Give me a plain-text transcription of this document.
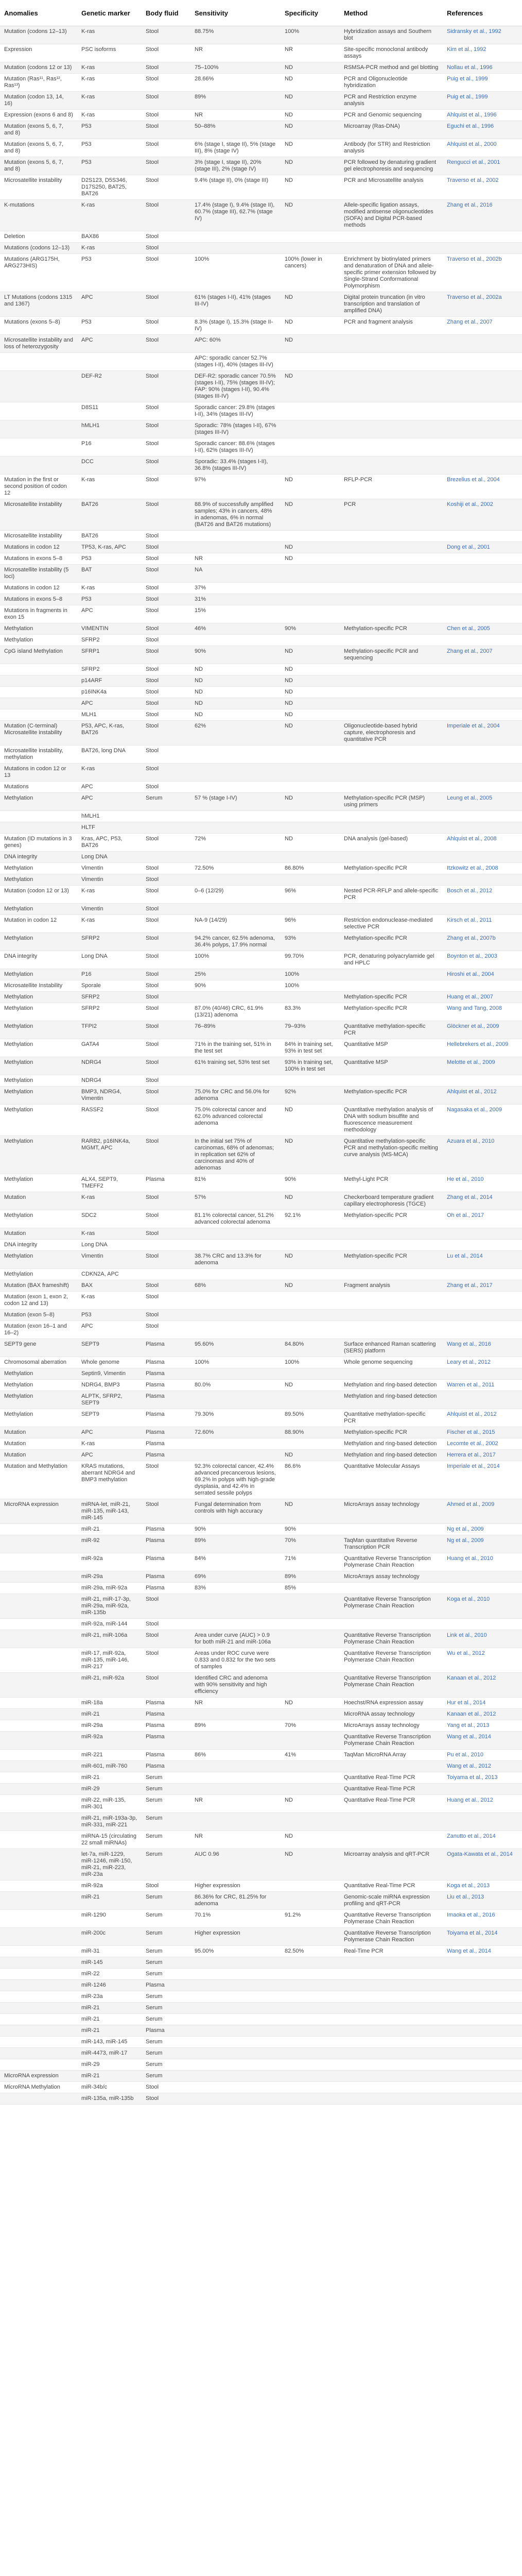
Anomalies	Genetic marker	Body fluid	Sensitivity	Specificity	Method	References
Mutation (codons 12–13)	K-ras	Stool	88.75%	100%	Hybridization assays and Southern blot	Sidransky et al., 1992
Expression	PSC isoforms	Stool	NR	NR	Site-specific monoclonal antibody assays	Kim et al., 1992
Mutation (codons 12 or 13)	K-ras	Stool	75–100%	ND	RSMSA-PCR method and gel blotting	Nollau et al., 1996
Mutation (Ras¹¹, Ras¹², Ras¹³)	K-ras	Stool	28.66%	ND	PCR and Oligonucleotide hybridization	Puig et al., 1999
Mutation (codon 13, 14, 16)	K-ras	Stool	89%	ND	PCR and Restriction enzyme analysis	Puig et al., 1999
Expression (exons 6 and 8)	K-ras	Stool	NR	ND	PCR and Genomic sequencing	Ahlquist et al., 1996
Mutation (exons 5, 6, 7, and 8)	P53	Stool	50–88%	ND	Microarray (Ras-DNA)	Eguchi et al., 1996
Mutation (exons 5, 6, 7, and 8)	P53	Stool	6% (stage I, stage II), 5% (stage III), 8% (stage IV)	ND	Antibody (for STR) and Restriction analysis	Ahlquist et al., 2000
Mutation (exons 5, 6, 7, and 8)	P53	Stool	3% (stage I, stage II), 20% (stage III), 2% (stage IV)	ND	PCR followed by denaturing gradient gel electrophoresis and sequencing	Rengucci et al., 2001
Microsatellite instability	D2S123, D5S346, D17S250, BAT25, BAT26	Stool	9.4% (stage II), 0% (stage III)	ND	PCR and Microsatellite analysis	Traverso et al., 2002
K-mutations	K-ras	Stool	17.4% (stage I), 9.4% (stage II), 60.7% (stage III), 62.7% (stage IV)	ND	Allele-specific ligation assays, modified antisense oligonucleotides (SOFA) and Digital PCR-based methods	Zhang et al., 2016
Deletion	BAX86	Stool				
Mutations (codons 12–13)	K-ras	Stool				
Mutations (ARG175H, ARG273HIS)	P53	Stool	100%	100% (lower in cancers)	Enrichment by biotinylated primers and denaturation of DNA and allele-specific primer extension followed by Single-Strand Conformational Polymorphism	Traverso et al., 2002b
LT Mutations (codons 1315 and 1367)	APC	Stool	61% (stages I-II), 41% (stages III-IV)	ND	Digital protein truncation (in vitro transcription and translation of amplified DNA)	Traverso et al., 2002a
Mutations (exons 5–8)	P53	Stool	8.3% (stage I), 15.3% (stage II-IV)	ND	PCR and fragment analysis	Zhang et al., 2007
Microsatellite instability and loss of heterozygosity	APC	Stool	APC: 60%	ND		
			APC: sporadic cancer 52.7% (stages I-II), 40% (stages III-IV)			
	DEF-R2	Stool	DEF-R2: sporadic cancer 70.5% (stages I-II), 75% (stages III-IV); FAP: 90% (stages I-II), 90.4% (stages III-IV)	ND		
	D8S11	Stool	Sporadic cancer: 29.8% (stages I-II), 34% (stages III-IV)			
	hMLH1	Stool	Sporadic: 78% (stages I-II), 67% (stages III-IV)			
	P16	Stool	Sporadic cancer: 88.6% (stages I-II), 62% (stages III-IV)			
	DCC	Stool	Sporadic: 33.4% (stages I-II), 36.8% (stages III-IV)			
Mutation in the first or second position of codon 12	K-ras	Stool	97%	ND	RFLP-PCR	Brezelius et al., 2004
Microsatellite instability	BAT26	Stool	88.9% of successfully amplified samples; 43% in cancers, 48% in adenomas, 6% in normal (BAT26 and BAT26 mutations)	ND	PCR	Koshiji et al., 2002
Microsatellite instability	BAT26	Stool				
Mutations in codon 12	TP53, K-ras, APC	Stool		ND		Dong et al., 2001
Mutations in exons 5–8	P53	Stool	NR	ND		
Microsatellite instability (5 loci)	BAT	Stool	NA			
Mutations in codon 12	K-ras	Stool	37%			
Mutations in exons 5–8	P53	Stool	31%			
Mutations in fragments in exon 15	APC	Stool	15%			
Methylation	VIMENTIN	Stool	46%	90%	Methylation-specific PCR	Chen et al., 2005
Methylation	SFRP2	Stool				
CpG island Methylation	SFRP1	Stool	90%	ND	Methylation-specific PCR and sequencing	Zhang et al., 2007
	SFRP2	Stool	ND	ND		
	p14ARF	Stool	ND	ND		
	p16INK4a	Stool	ND	ND		
	APC	Stool	ND	ND		
	MLH1	Stool	ND	ND		
Mutation (C-terminal) Microsatellite instability	P53, APC, K-ras, BAT26	Stool	62%	ND	Oligonucleotide-based hybrid capture, electrophoresis and quantitative PCR	Imperiale et al., 2004
Microsatellite instability, methylation	BAT26, long DNA	Stool				
Mutations in codon 12 or 13	K-ras	Stool				
Mutations	APC	Stool				
Methylation	APC	Serum	57 % (stage I-IV)	ND	Methylation-specific PCR (MSP) using primers	Leung et al., 2005
	hMLH1					
	HLTF					
Mutation (ID mutations in 3 genes)	Kras, APC, P53, BAT26	Stool	72%	ND	DNA analysis (gel-based)	Ahlquist et al., 2008
DNA integrity	Long DNA					
Methylation	Vimentin	Stool	72.50%	86.80%	Methylation-specific PCR	Itzkowitz et al., 2008
Methylation	Vimentin	Stool				
Mutation (codon 12 or 13)	K-ras	Stool	0–6 (12/29)	96%	Nested PCR-RFLP and allele-specific PCR	Bosch et al., 2012
Methylation	Vimentin	Stool				
Mutation in codon 12	K-ras	Stool	NA-9 (14/29)	96%	Restriction endonuclease-mediated selective PCR	Kirsch et al., 2011
Methylation	SFRP2	Stool	94.2% cancer, 62.5% adenoma, 36.4% polyps, 17.9% normal	93%	Methylation-specific PCR	Zhang et al., 2007b
DNA integrity	Long DNA	Stool	100%	99.70%	PCR, denaturing polyacrylamide gel and HPLC	Boynton et al., 2003
Methylation	P16	Stool	25%	100%		Hiroshi et al., 2004
Microsatellite Instability	Sporale	Stool	90%	100%		
Methylation	SFRP2	Stool			Methylation-specific PCR	Huang et al., 2007
Methylation	SFRP2	Stool	87.0% (40/46) CRC, 61.9% (13/21) adenoma	83.3%	Methylation-specific PCR	Wang and Tang, 2008
Methylation	TFPI2	Stool	76–89%	79–93%	Quantitative methylation-specific PCR	Glöckner et al., 2009
Methylation	GATA4	Stool	71% in the training set, 51% in the test set	84% in training set, 93% in test set	Quantitative MSP	Hellebrekers et al., 2009
Methylation	NDRG4	Stool	61% training set, 53% test set	93% in training set, 100% in test set	Quantitative MSP	Melotte et al., 2009
Methylation	NDRG4	Stool				
Methylation	BMP3, NDRG4, Vimentin	Stool	75.0% for CRC and 56.0% for adenoma	92%	Methylation-specific PCR	Ahlquist et al., 2012
Methylation	RASSF2	Stool	75.0% colorectal cancer and 62.0% advanced colorectal adenoma	ND	Quantitative methylation analysis of DNA with sodium bisulfite and fluorescence measurement methodology	Nagasaka et al., 2009
Methylation	RARB2, p16INK4a, MGMT, APC	Stool	In the initial set 75% of carcinomas, 68% of adenomas; in replication set 62% of carcinomas and 40% of adenomas	ND	Quantitative methylation-specific PCR and methylation-specific melting curve analysis (MS-MCA)	Azuara et al., 2010
Methylation	ALX4, SEPT9, TMEFF2	Plasma	81%	90%	Methyl-Light PCR	He et al., 2010
Mutation	K-ras	Stool	57%	ND	Checkerboard temperature gradient capillary electrophoresis (TGCE)	Zhang et al., 2014
Methylation	SDC2	Stool	81.1% colorectal cancer, 51.2% advanced colorectal adenoma	92.1%	Methylation-specific PCR	Oh et al., 2017
Mutation	K-ras	Stool				
DNA integrity	Long DNA					
Methylation	Vimentin	Stool	38.7% CRC and 13.3% for adenoma	ND	Methylation-specific PCR	Lu et al., 2014
Methylation	CDKN2A, APC					
Mutation (BAX frameshift)	BAX	Stool	68%	ND	Fragment analysis	Zhang et al., 2017
Mutation (exon 1, exon 2, codon 12 and 13)	K-ras	Stool				
Mutation (exon 5–8)	P53	Stool				
Mutation (exon 16–1 and 16–2)	APC	Stool				
SEPT9 gene	SEPT9	Plasma	95.60%	84.80%	Surface enhanced Raman scattering (SERS) platform	Wang et al., 2016
Chromosomal aberration	Whole genome	Plasma	100%	100%	Whole genome sequencing	Leary et al., 2012
Methylation	Septin9, Vimentin	Plasma				
Methylation	NDRG4, BMP3	Plasma	80.0%	ND	Methylation and ring-based detection	Warren et al., 2011
Methylation	ALPTK, SFRP2, SEPT9	Plasma			Methylation and ring-based detection	
Methylation	SEPT9	Plasma	79.30%	89.50%	Quantitative methylation-specific PCR	Ahlquist et al., 2012
Mutation	APC	Plasma	72.60%	88.90%	Methylation-specific PCR	Fischer et al., 2015
Mutation	K-ras	Plasma			Methylation and ring-based detection	Lecomte et al., 2002
Mutation	APC	Plasma		ND	Methylation and ring-based detection	Herrera et al., 2017
Mutation and Methylation	KRAS mutations, aberrant NDRG4 and BMP3 methylation	Stool	92.3% colorectal cancer, 42.4% advanced precancerous lesions, 69.2% in polyps with high-grade dysplasia, and 42.4% in serrated sessile polyps	86.6%	Quantitative Molecular Assays	Imperiale et al., 2014
MicroRNA expression	miRNA-let, miR-21, miR-135, miR-143, miR-145	Stool	Fungal determination from controls with high accuracy	ND	MicroArrays assay technology	Ahmed et al., 2009
	miR-21	Plasma	90%	90%		Ng et al., 2009
	miR-92	Plasma	89%	70%	TaqMan quantitative Reverse Transcription PCR	Ng et al., 2009
	miR-92a	Plasma	84%	71%	Quantitative Reverse Transcription Polymerase Chain Reaction	Huang et al., 2010
	miR-29a	Plasma	69%	89%	MicroArrays assay technology	
	miR-29a, miR-92a	Plasma	83%	85%		
	miR-21, miR-17-3p, miR-29a, miR-92a, miR-135b	Stool			Quantitative Reverse Transcription Polymerase Chain Reaction	Koga et al., 2010
	miR-92a, miR-144	Stool				
	miR-21, miR-106a	Stool	Area under curve (AUC) > 0.9 for both miR-21 and miR-106a		Quantitative Reverse Transcription Polymerase Chain Reaction	Link et al., 2010
	miR-17, miR-92a, miR-135, miR-146, miR-217	Stool	Areas under ROC curve were 0.833 and 0.832 for the two sets of samples		Quantitative Reverse Transcription Polymerase Chain Reaction	Wu et al., 2012
	miR-21, miR-92a	Stool	Identified CRC and adenoma with 90% sensitivity and high efficiency		Quantitative Reverse Transcription Polymerase Chain Reaction	Kanaan et al., 2012
	miR-18a	Plasma	NR	ND	Hoechst/RNA expression assay	Hur et al., 2014
	miR-21	Plasma			MicroRNA assay technology	Kanaan et al., 2012
	miR-29a	Plasma	89%	70%	MicroArrays assay technology	Yang et al., 2013
	miR-92a	Plasma			Quantitative Reverse Transcription Polymerase Chain Reaction	Wang et al., 2014
	miR-221	Plasma	86%	41%	TaqMan MicroRNA Array	Pu et al., 2010
	miR-601, miR-760	Plasma				Wang et al., 2012
	miR-21	Serum			Quantitative Real-Time PCR	Toiyama et al., 2013
	miR-29	Serum			Quantitative Real-Time PCR	
	miR-22, miR-135, miR-301	Serum	NR	ND	Quantitative Real-Time PCR	Huang et al., 2012
	miR-21, miR-193a-3p, miR-331, miR-221	Serum				
	miRNA-15 (circulating 22 small miRNAs)	Serum	NR	ND		Zanutto et al., 2014
	let-7a, miR-1229, miR-1246, miR-150, miR-21, miR-223, miR-23a	Serum	AUC 0.96	ND	Microarray analysis and qRT-PCR	Ogata-Kawata et al., 2014
	miR-92a	Stool	Higher expression		Quantitative Real-Time PCR	Koga et al., 2013
	miR-21	Serum	86.36% for CRC, 81.25% for adenoma		Genomic-scale miRNA expression profiling and qRT-PCR	Liu et al., 2013
	miR-1290	Serum	70.1%	91.2%	Quantitative Reverse Transcription Polymerase Chain Reaction	Imaoka et al., 2016
	miR-200c	Serum	Higher expression		Quantitative Reverse Transcription Polymerase Chain Reaction	Toiyama et al., 2014
	miR-31	Serum	95.00%	82.50%	Real-Time PCR	Wang et al., 2014
	miR-145	Serum				
	miR-22	Serum				
	miR-1246	Plasma				
	miR-23a	Serum				
	miR-21	Serum				
	miR-21	Serum				
	miR-21	Plasma				
	miR-143, miR-145	Serum				
	miR-4473, miR-17	Serum				
	miR-29	Serum				
MicroRNA expression	miR-21	Serum				
MicroRNA Methylation	miR-34b/c	Stool				
	miR-135a, miR-135b	Stool				
